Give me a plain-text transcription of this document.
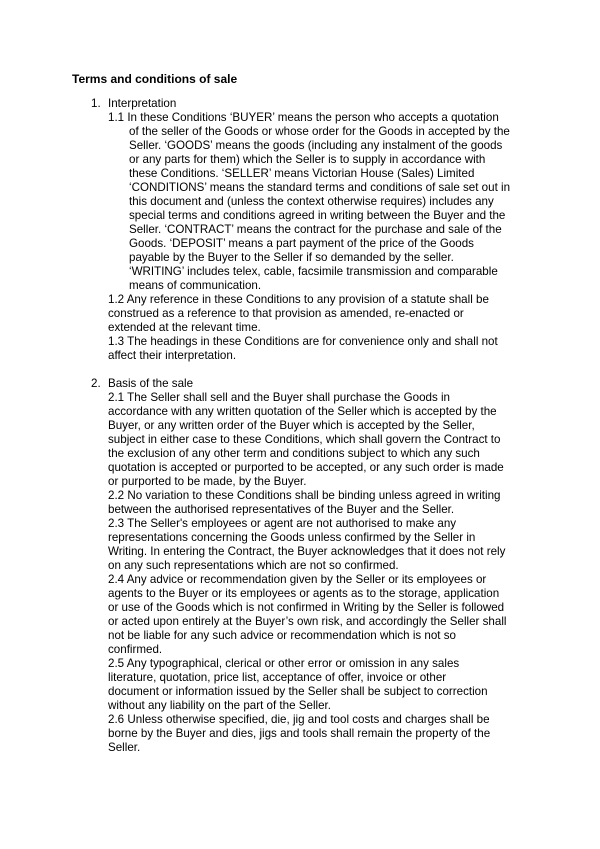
Terms and conditions of sale
1. Interpretation
1.1 In these Conditions ‘BUYER’ means the person who accepts a quotation
of the seller of the Goods or whose order for the Goods in accepted by the
Seller. ‘GOODS’ means the goods (including any instalment of the goods
or any parts for them) which the Seller is to supply in accordance with
these Conditions. ‘SELLER’ means Victorian House (Sales) Limited
‘CONDITIONS’ means the standard terms and conditions of sale set out in
this document and (unless the context otherwise requires) includes any
special terms and conditions agreed in writing between the Buyer and the
Seller. ‘CONTRACT’ means the contract for the purchase and sale of the
Goods. ‘DEPOSIT’ means a part payment of the price of the Goods
payable by the Buyer to the Seller if so demanded by the seller.
‘WRITING’ includes telex, cable, facsimile transmission and comparable
means of communication.
1.2 Any reference in these Conditions to any provision of a statute shall be
construed as a reference to that provision as amended, re-enacted or
extended at the relevant time.
1.3 The headings in these Conditions are for convenience only and shall not
affect their interpretation.
2. Basis of the sale
2.1 The Seller shall sell and the Buyer shall purchase the Goods in
accordance with any written quotation of the Seller which is accepted by the
Buyer, or any written order of the Buyer which is accepted by the Seller,
subject in either case to these Conditions, which shall govern the Contract to
the exclusion of any other term and conditions subject to which any such
quotation is accepted or purported to be accepted, or any such order is made
or purported to be made, by the Buyer.
2.2 No variation to these Conditions shall be binding unless agreed in writing
between the authorised representatives of the Buyer and the Seller.
2.3 The Seller's employees or agent are not authorised to make any
representations concerning the Goods unless confirmed by the Seller in
Writing. In entering the Contract, the Buyer acknowledges that it does not rely
on any such representations which are not so confirmed.
2.4 Any advice or recommendation given by the Seller or its employees or
agents to the Buyer or its employees or agents as to the storage, application
or use of the Goods which is not confirmed in Writing by the Seller is followed
or acted upon entirely at the Buyer’s own risk, and accordingly the Seller shall
not be liable for any such advice or recommendation which is not so
confirmed.
2.5 Any typographical, clerical or other error or omission in any sales
literature, quotation, price list, acceptance of offer, invoice or other
document or information issued by the Seller shall be subject to correction
without any liability on the part of the Seller.
2.6 Unless otherwise specified, die, jig and tool costs and charges shall be
borne by the Buyer and dies, jigs and tools shall remain the property of the
Seller.
